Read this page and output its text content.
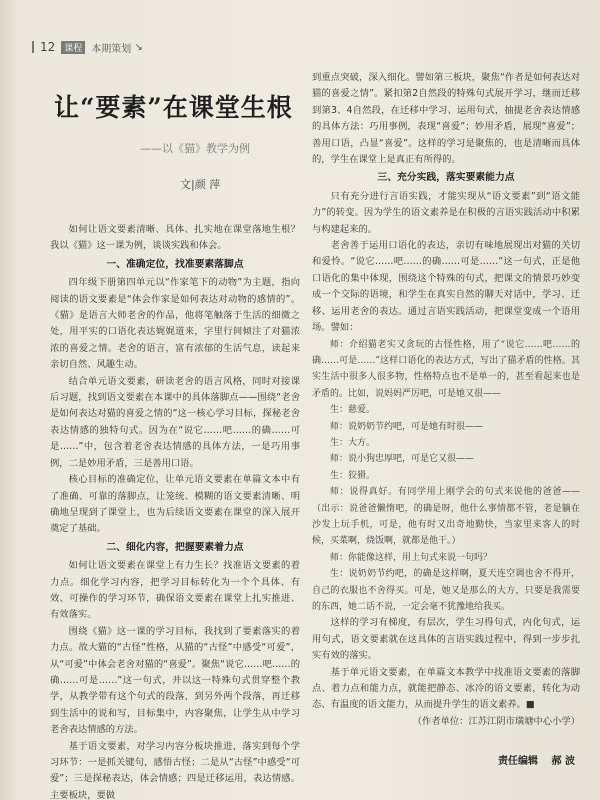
12	课程 本期策划 ↘
让“要素”在课堂生根
——以《猫》教学为例
文|颜 萍

如何让语文要素清晰、具体、扎实地在课堂落地生根？我以《猫》这一课为例，谈谈实践和体会。

一、准确定位，找准要素落脚点

四年级下册第四单元以“作家笔下的动物”为主题，指向阅读的语文要素是“体会作家是如何表达对动物的感情的”。《猫》是语言大师老舍的作品，他将笔触落于生活的细微之处，用平实的口语化表达娓娓道来，字里行间倾注了对猫浓浓的喜爱之情。老舍的语言，富有浓郁的生活气息，读起来亲切自然、风趣生动。

结合单元语文要素，研读老舍的语言风格，同时对接课后习题，找到语文要素在本课中的具体落脚点——围绕“老舍是如何表达对猫的喜爱之情的”这一核心学习目标，探秘老舍表达情感的独特句式。因为在“说它……吧……的确……可是……”中，包含着老舍表达情感的具体方法，一是巧用事例，二是妙用矛盾，三是善用口语。

核心目标的准确定位，让单元语文要素在单篇文本中有了准确、可靠的落脚点，让笼统、模糊的语文要素清晰、明确地呈现到了课堂上，也为后续语文要素在课堂的深入展开奠定了基础。

二、细化内容，把握要素着力点

如何让语文要素在课堂上有力生长？找准语文要素的着力点。细化学习内容，把学习目标转化为一个个具体、有效、可操作的学习环节，确保语文要素在课堂上扎实推进、有效落实。

围绕《猫》这一课的学习目标，我找到了要素落实的着力点。故大猫的“古怪”性格，从猫的“古怪”中感受“可爱”，从“可爱”中体会老舍对猫的“喜爱”。聚焦“说它……吧……的确……可是……”这一句式，并以这一特殊句式贯穿整个教学，从教学带有这个句式的段落，到另外两个段落，再迁移到生活中的说和写，目标集中，内容聚焦，让学生从中学习老舍表达情感的方法。

基于语文要素，对学习内容分板块推进，落实到每个学习环节：一是抓关键句，感悟古怪；二是从“古怪”中感受“可爱”；三是探秘表达，体会情感；四是迁移运用，表达情感。主要板块，要做

到重点突破，深入细化。譬如第三板块，聚焦“作者是如何表达对猫的喜爱之情”。紧扣第2自然段的特殊句式展开学习，继而迁移到第3、4自然段，在迁移中学习、运用句式，抽提老舍表达情感的具体方法：巧用事例，表现“喜爱”；妙用矛盾，展现“喜爱”；善用口语，凸显“喜爱”。这样的学习是聚焦的，也是清晰而具体的，学生在课堂上是真正有所得的。

三、充分实践，落实要素能力点

只有充分进行言语实践，才能实现从“语文要素”到“语文能力”的转变。因为学生的语文素养是在积极的言语实践活动中积累与构建起来的。

老舍善于运用口语化的表达，亲切有味地展现出对猫的关切和爱怜。“说它……吧……的确……可是……”这一句式，正是他口语化的集中体现，围绕这个特殊的句式，把课文的情景巧妙变成一个交际的语境，和学生在真实自然的聊天对话中，学习、迁移、运用老舍的表达。通过言语实践活动，把课堂变成一个语用场。譬如：

师：介绍猫老实又贪玩的古怪性格，用了“说它……吧……的确……可是……”这样口语化的表达方式，写出了猫矛盾的性格。其实生活中很多人很多物，性格特点也不是单一的，甚至看起来也是矛盾的。比如，说妈妈严厉吧，可是她又很——

生：慈爱。

师：说奶奶节约吧，可是她有时很——

生：大方。

师：说小狗忠厚吧，可是它又很——

生：狡猾。

师：说得真好。有同学用上刚学会的句式来说他的爸爸——（出示：说爸爸懒惰吧，的确是呀，他什么事情都不管，老是躺在沙发上玩手机，可是，他有时又出奇地勤快，当家里来客人的时候，买菜啊，烧饭啊，就都是他干。）

师：你能像这样，用上句式来说一句吗？

生：说奶奶节约吧，的确是这样啊，夏天连空调也舍不得开，自己的衣服也不舍得买。可是，她又是那么的大方，只要是我需要的东西，她二话不说，一定会毫不犹豫地给我买。

这样的学习有梯度，有层次，学生习得句式，内化句式，运用句式，语文要素就在这具体的言语实践过程中，得到一步步扎实有效的落实。

基于单元语文要素，在单篇文本教学中找准语文要素的落脚点、着力点和能力点，就能把静态、冰冷的语文要素，转化为动态、有温度的语文能力，从而提升学生的语文素养。■

（作者单位：江苏江阴市璜塘中心小学）

责任编辑 郝 波
